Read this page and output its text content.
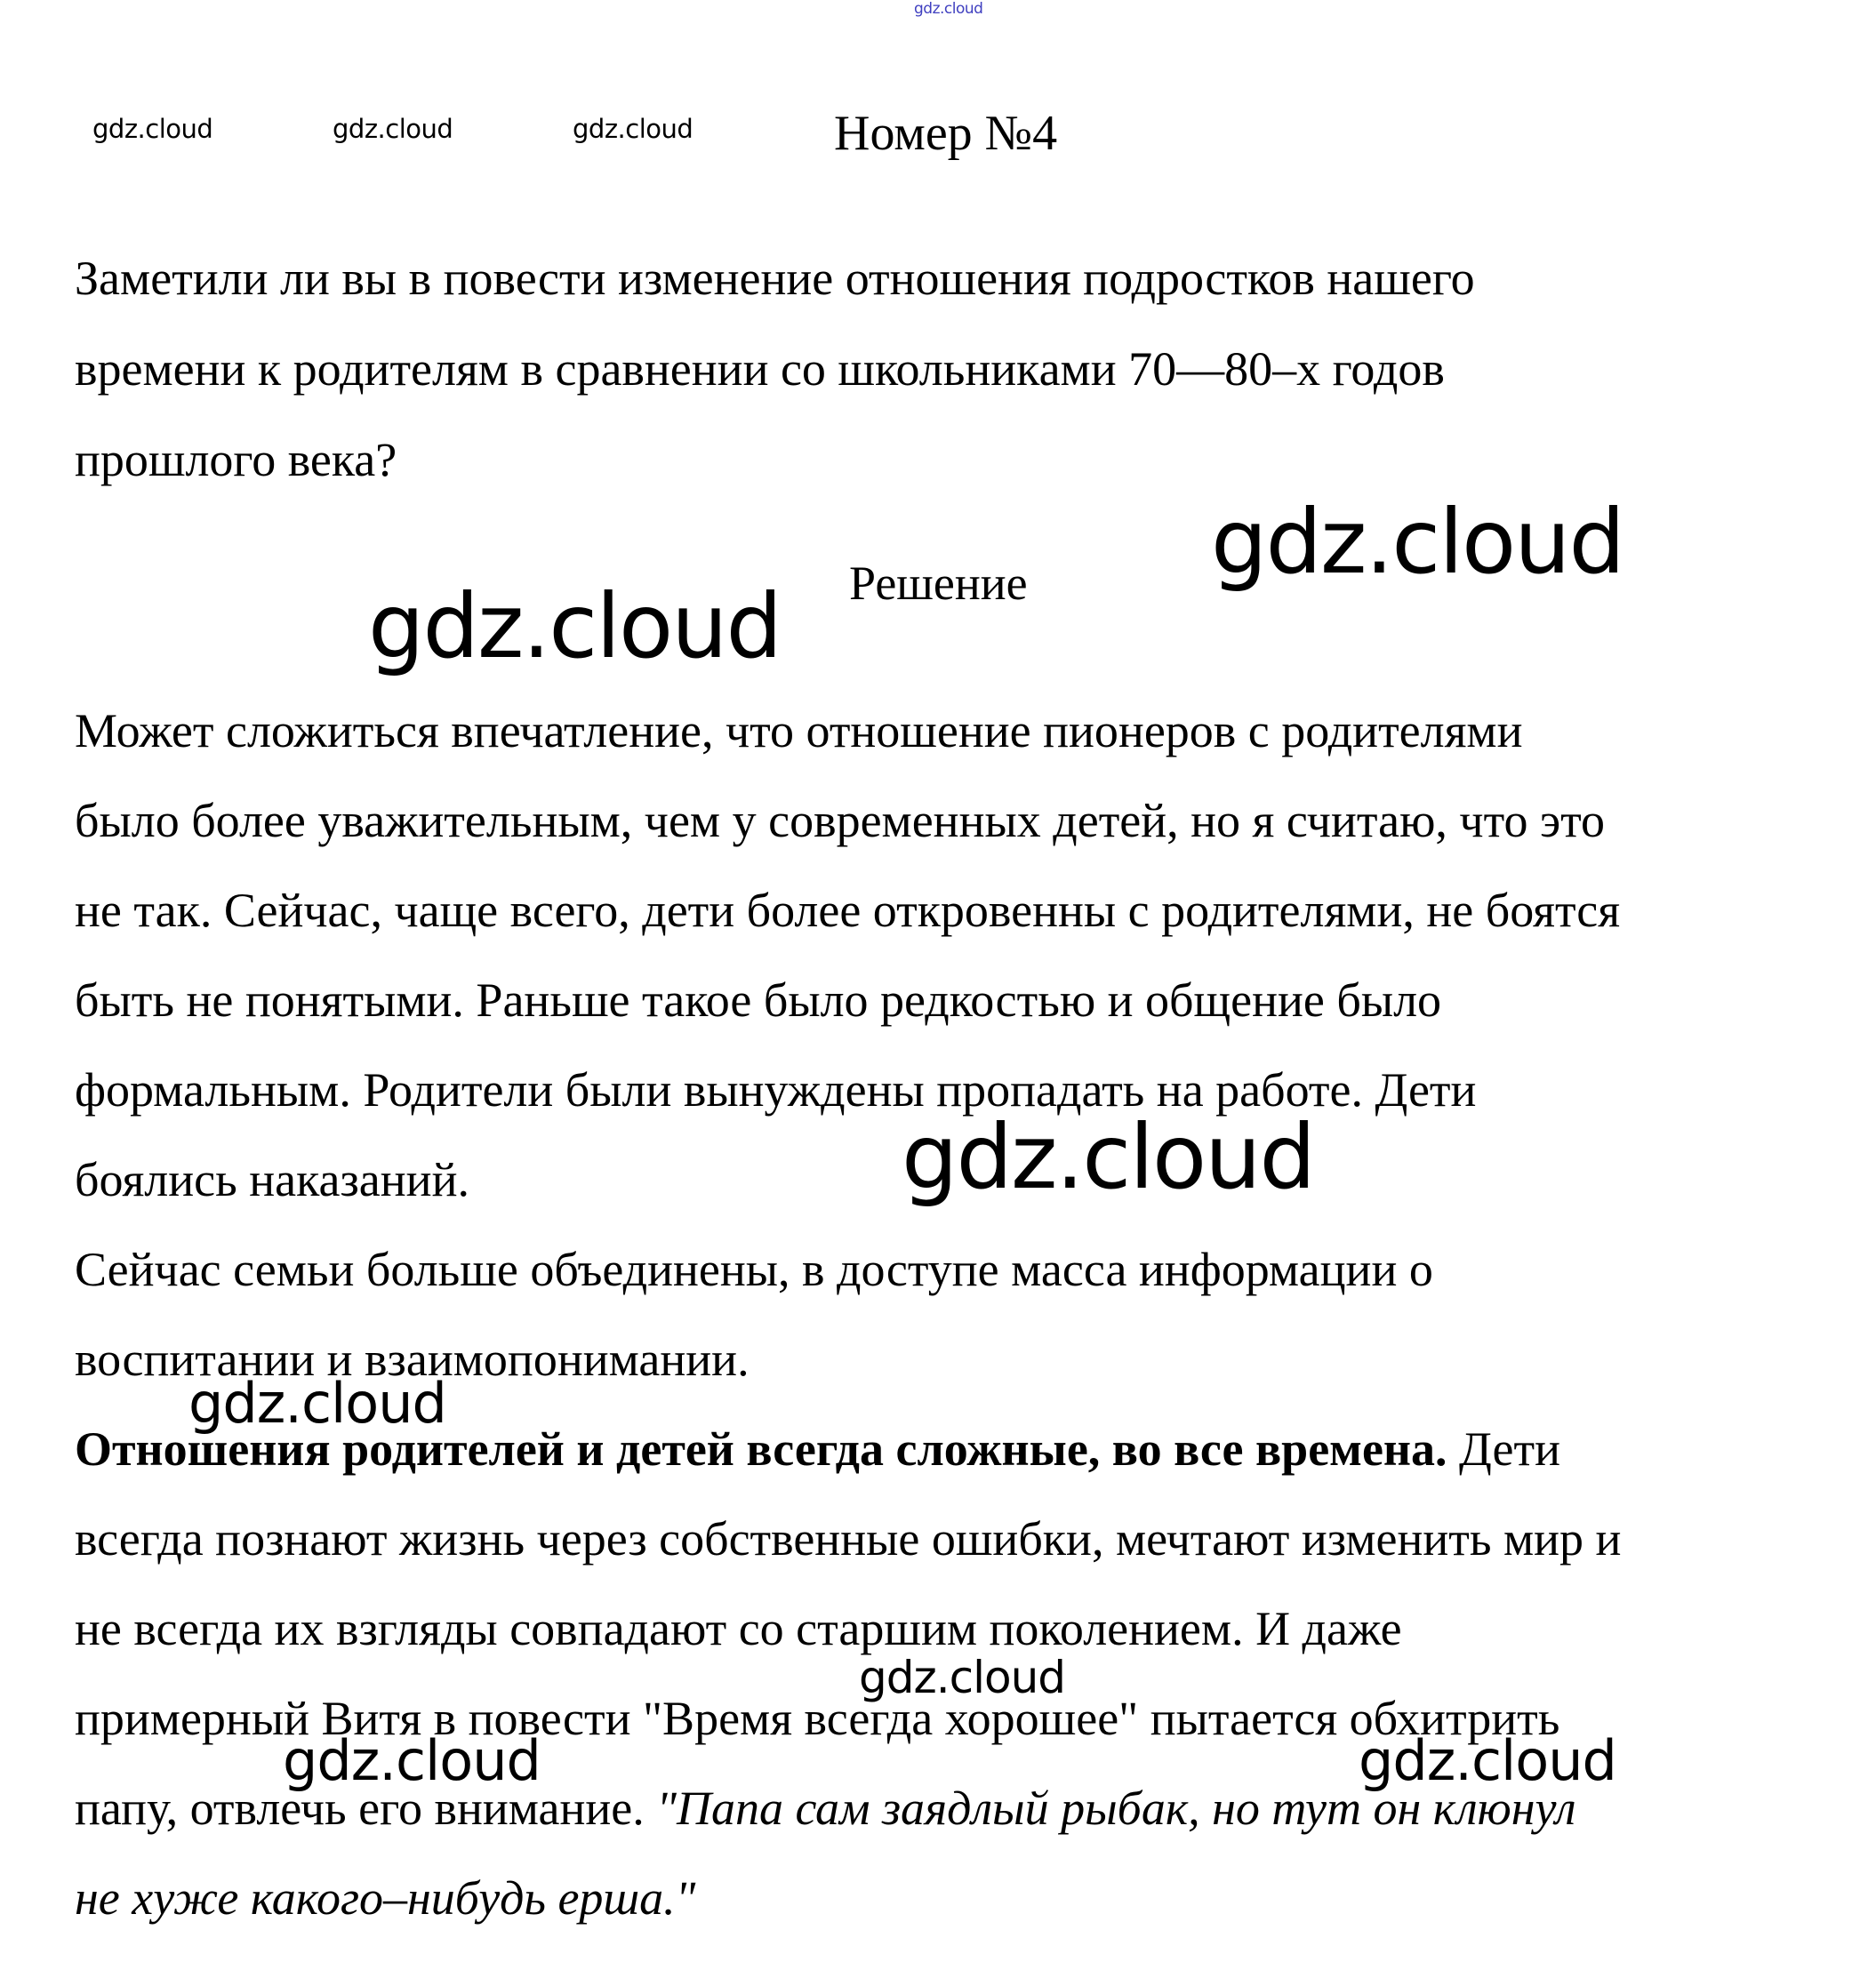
gdz.cloud
gdz.cloud	gdz.cloud	gdz.cloud	Номер №4
Заметили ли вы в повести изменение отношения подростков нашего
времени к родителям в сравнении со школьниками 70—80–х годов
прошлого века?
Решение gdz.cloud
gdz.cloud

Может сложиться впечатление, что отношение пионеров с родителями

было более уважительным, чем у современных детей, но я считаю, что это

не так. Сейчас, чаще всего, дети более откровенны с родителями, не боятся

быть не понятыми. Раньше такое было редкостью и общение было

формальным. Родители были вынуждены пропадать на работе. Дети

боялись наказаний.	gdz.cloud

Сейчас семьи больше объединены, в доступе масса информации о

воспитании и взаимопонимании.

gdz.cloud

Отношения родителей и детей всегда сложные, во все времена. Дети

всегда познают жизнь через собственные ошибки, мечтают изменить мир и

не всегда их взгляды совпадают со старшим поколением. И даже

примерный Витя в повести "Время всегда хорошее" пытается обхитрить

папу, отвлечь его внимание. "Папа сам заядлый рыбак, но тут он клюнул

не хуже какого–нибудь ерша."

gdz.cloud
gdz.cloud	gdz.cloud
